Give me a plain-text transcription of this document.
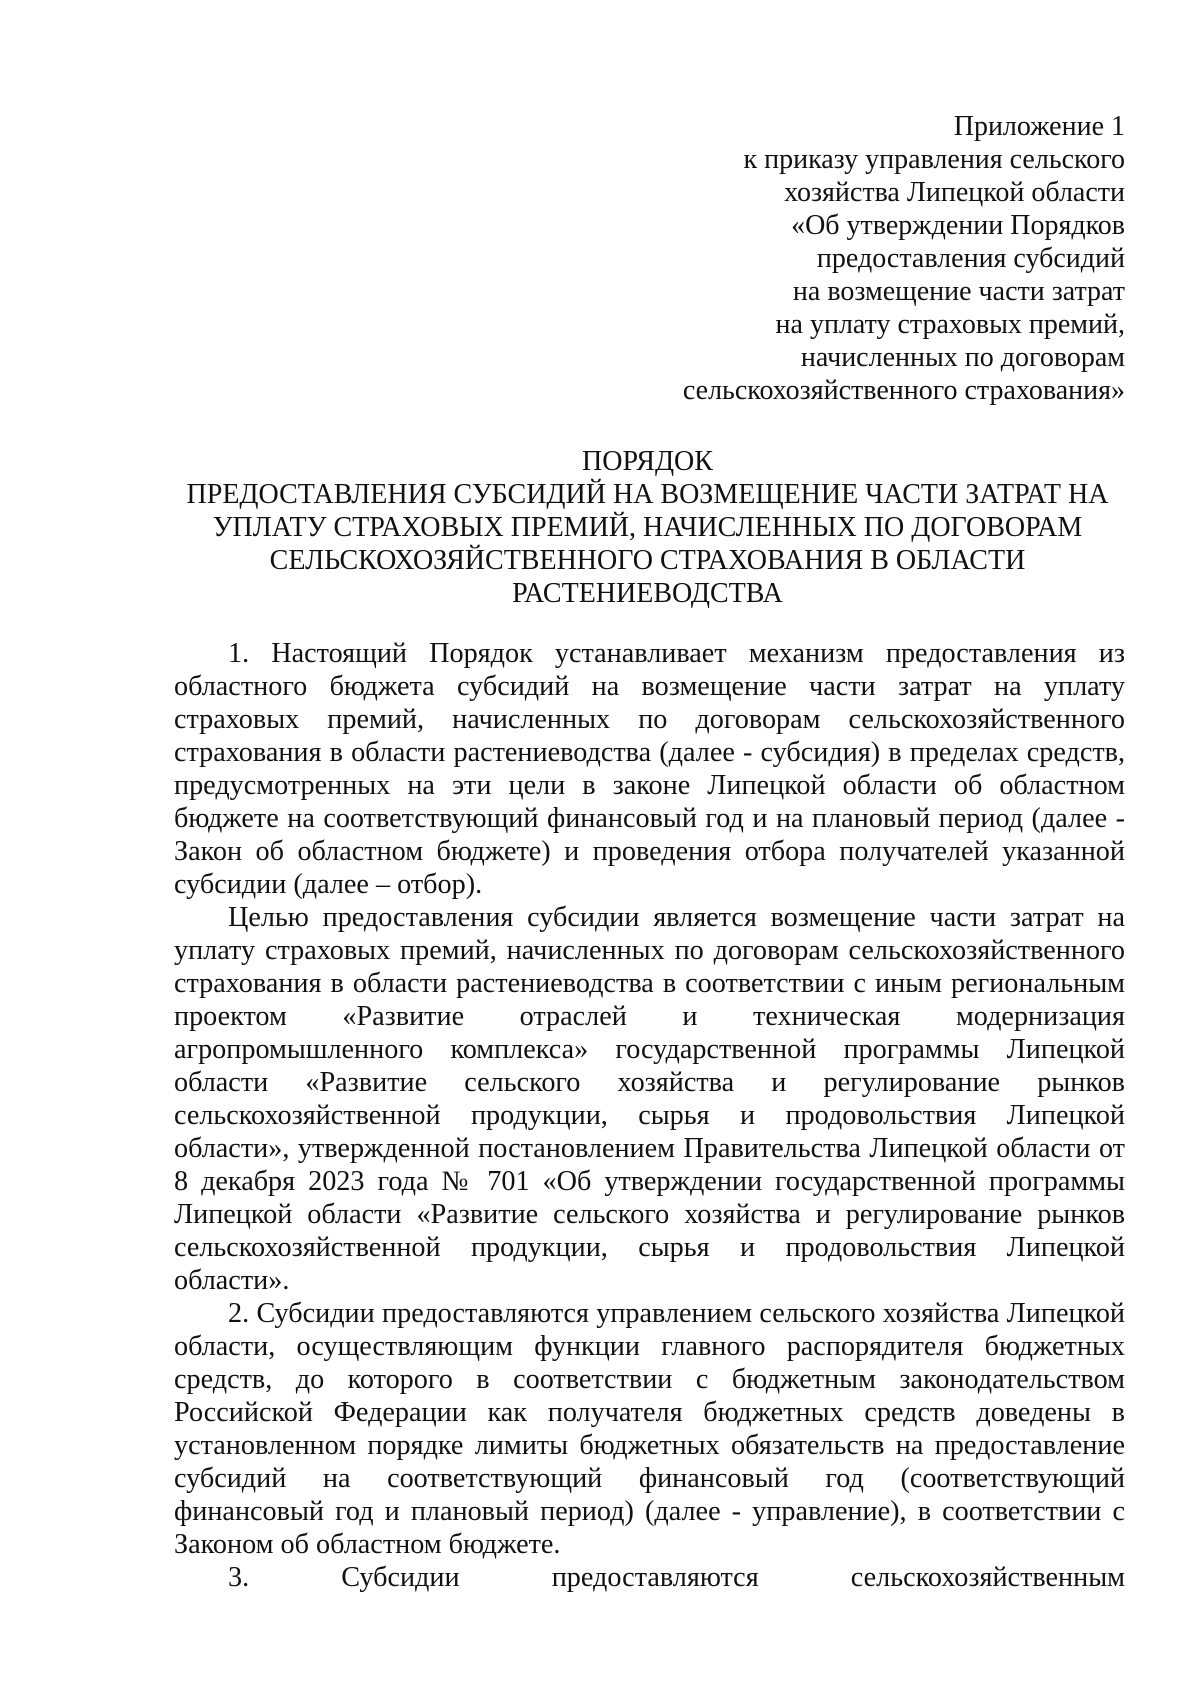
Приложение 1
к приказу управления сельского
хозяйства Липецкой области
«Об утверждении Порядков
предоставления субсидий
на возмещение части затрат
на уплату страховых премий,
начисленных по договорам
сельскохозяйственного страхования»
ПОРЯДОК
ПРЕДОСТАВЛЕНИЯ СУБСИДИЙ НА ВОЗМЕЩЕНИЕ ЧАСТИ ЗАТРАТ НА
УПЛАТУ СТРАХОВЫХ ПРЕМИЙ, НАЧИСЛЕННЫХ ПО ДОГОВОРАМ
СЕЛЬСКОХОЗЯЙСТВЕННОГО СТРАХОВАНИЯ В ОБЛАСТИ
РАСТЕНИЕВОДСТВА

1. Настоящий Порядок устанавливает механизм предоставления из областного бюджета субсидий на возмещение части затрат на уплату страховых премий, начисленных по договорам сельскохозяйственного страхования в области растениеводства (далее - субсидия) в пределах средств, предусмотренных на эти цели в законе Липецкой области об областном бюджете на соответствующий финансовый год и на плановый период (далее - Закон об областном бюджете) и проведения отбора получателей указанной субсидии (далее – отбор).

Целью предоставления субсидии является возмещение части затрат на уплату страховых премий, начисленных по договорам сельскохозяйственного страхования в области растениеводства в соответствии с иным региональным проектом «Развитие отраслей и техническая модернизация агропромышленного комплекса» государственной программы Липецкой области «Развитие сельского хозяйства и регулирование рынков сельскохозяйственной продукции, сырья и продовольствия Липецкой области», утвержденной постановлением Правительства Липецкой области от 8 декабря 2023 года № 701 «Об утверждении государственной программы Липецкой области «Развитие сельского хозяйства и регулирование рынков сельскохозяйственной продукции, сырья и продовольствия Липецкой области».

2. Субсидии предоставляются управлением сельского хозяйства Липецкой области, осуществляющим функции главного распорядителя бюджетных средств, до которого в соответствии с бюджетным законодательством Российской Федерации как получателя бюджетных средств доведены в установленном порядке лимиты бюджетных обязательств на предоставление субсидий на соответствующий финансовый год (соответствующий финансовый год и плановый период) (далее - управление), в соответствии с Законом об областном бюджете.

3. Субсидии предоставляются сельскохозяйственным
